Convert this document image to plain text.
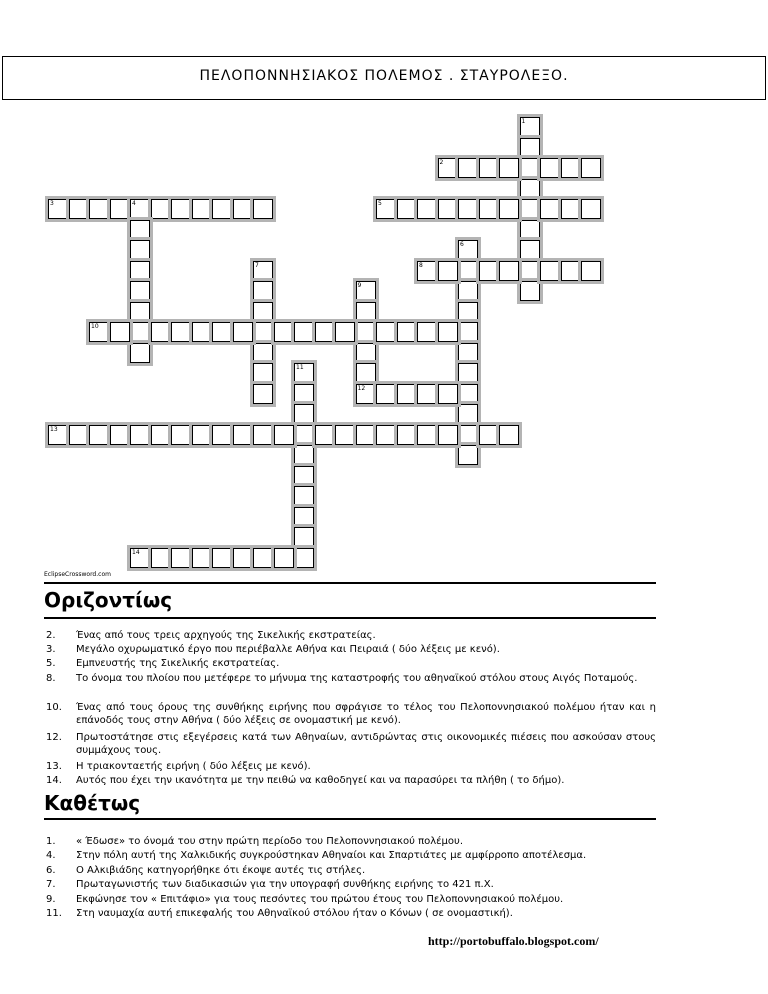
ΠΕΛΟΠΟΝΝΗΣΙΑΚΟΣ ΠΟΛΕΜΟΣ . ΣΤΑΥΡΟΛΕΞΟ.
1
2
3	4	5
6
7	8
9
10
11
12
13
14
EclipseCrossword.com
Οριζοντίως
2.	Ένας από τους τρεις αρχηγούς της Σικελικής εκστρατείας.
3.	Μεγάλο οχυρωματικό έργο που περιέβαλλε Αθήνα και Πειραιά ( δύο λέξεις με κενό).
5.	Εμπνευστής της Σικελικής εκστρατείας.
8.	Το όνομα του πλοίου που μετέφερε το μήνυμα της καταστροφής του αθηναϊκού στόλου στους Αιγός Ποταμούς.
10.	Ένας από τους όρους της συνθήκης ειρήνης που σφράγισε το τέλος του Πελοποννησιακού πολέμου ήταν και η επάνοδός τους στην Αθήνα ( δύο λέξεις σε ονομαστική με κενό).
12.	Πρωτοστάτησε στις εξεγέρσεις κατά των Αθηναίων, αντιδρώντας στις οικονομικές πιέσεις που ασκούσαν στους συμμάχους τους.
13.	Η τριακονταετής ειρήνη ( δύο λέξεις με κενό).
14.	Αυτός που έχει την ικανότητα με την πειθώ να καθοδηγεί και να παρασύρει τα πλήθη ( το δήμο).
Καθέτως
1.	« Έδωσε» το όνομά του στην πρώτη περίοδο του Πελοποννησιακού πολέμου.
4.	Στην πόλη αυτή της Χαλκιδικής συγκρούστηκαν Αθηναίοι και Σπαρτιάτες με αμφίρροπο αποτέλεσμα.
6.	Ο Αλκιβιάδης κατηγορήθηκε ότι έκοψε αυτές τις στήλες.
7.	Πρωταγωνιστής των διαδικασιών για την υπογραφή συνθήκης ειρήνης το 421 π.Χ.
9.	Εκφώνησε τον « Επιτάφιο» για τους πεσόντες του πρώτου έτους του Πελοποννησιακού πολέμου.
11.	Στη ναυμαχία αυτή επικεφαλής του Αθηναϊκού στόλου ήταν ο Κόνων ( σε ονομαστική).
http://portobuffalo.blogspot.com/
